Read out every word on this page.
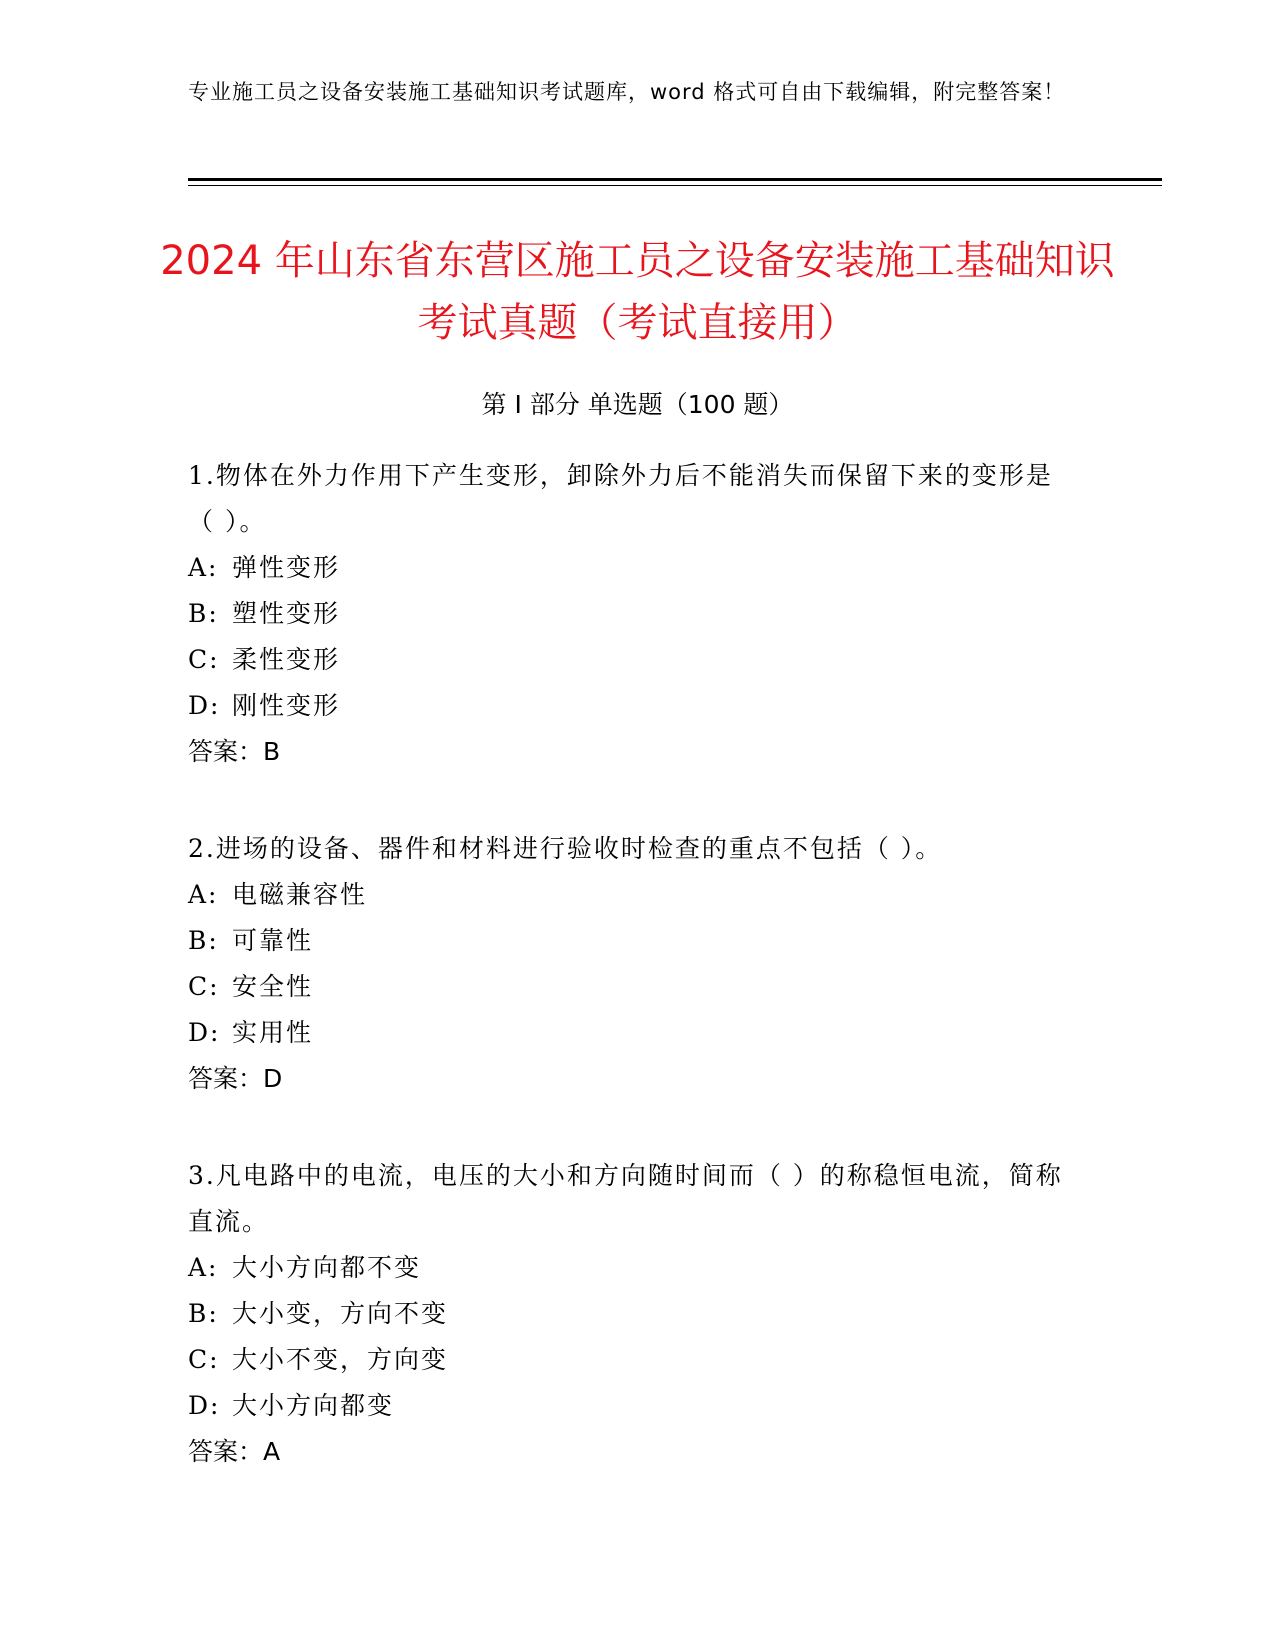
专业施工员之设备安装施工基础知识考试题库，word 格式可自由下载编辑，附完整答案！
2024 年山东省东营区施工员之设备安装施工基础知识考试真题（考试直接用）
第 I 部分 单选题（100 题）

1.物体在外力作用下产生变形，卸除外力后不能消失而保留下来的变形是（ ）。

A: 弹性变形

B: 塑性变形

C: 柔性变形

D: 刚性变形

答案：B

2.进场的设备、器件和材料进行验收时检查的重点不包括（ ）。

A: 电磁兼容性

B: 可靠性

C: 安全性

D: 实用性

答案：D

3.凡电路中的电流，电压的大小和方向随时间而（ ）的称稳恒电流，简称直流。

A: 大小方向都不变

B: 大小变，方向不变

C: 大小不变，方向变

D: 大小方向都变

答案：A
